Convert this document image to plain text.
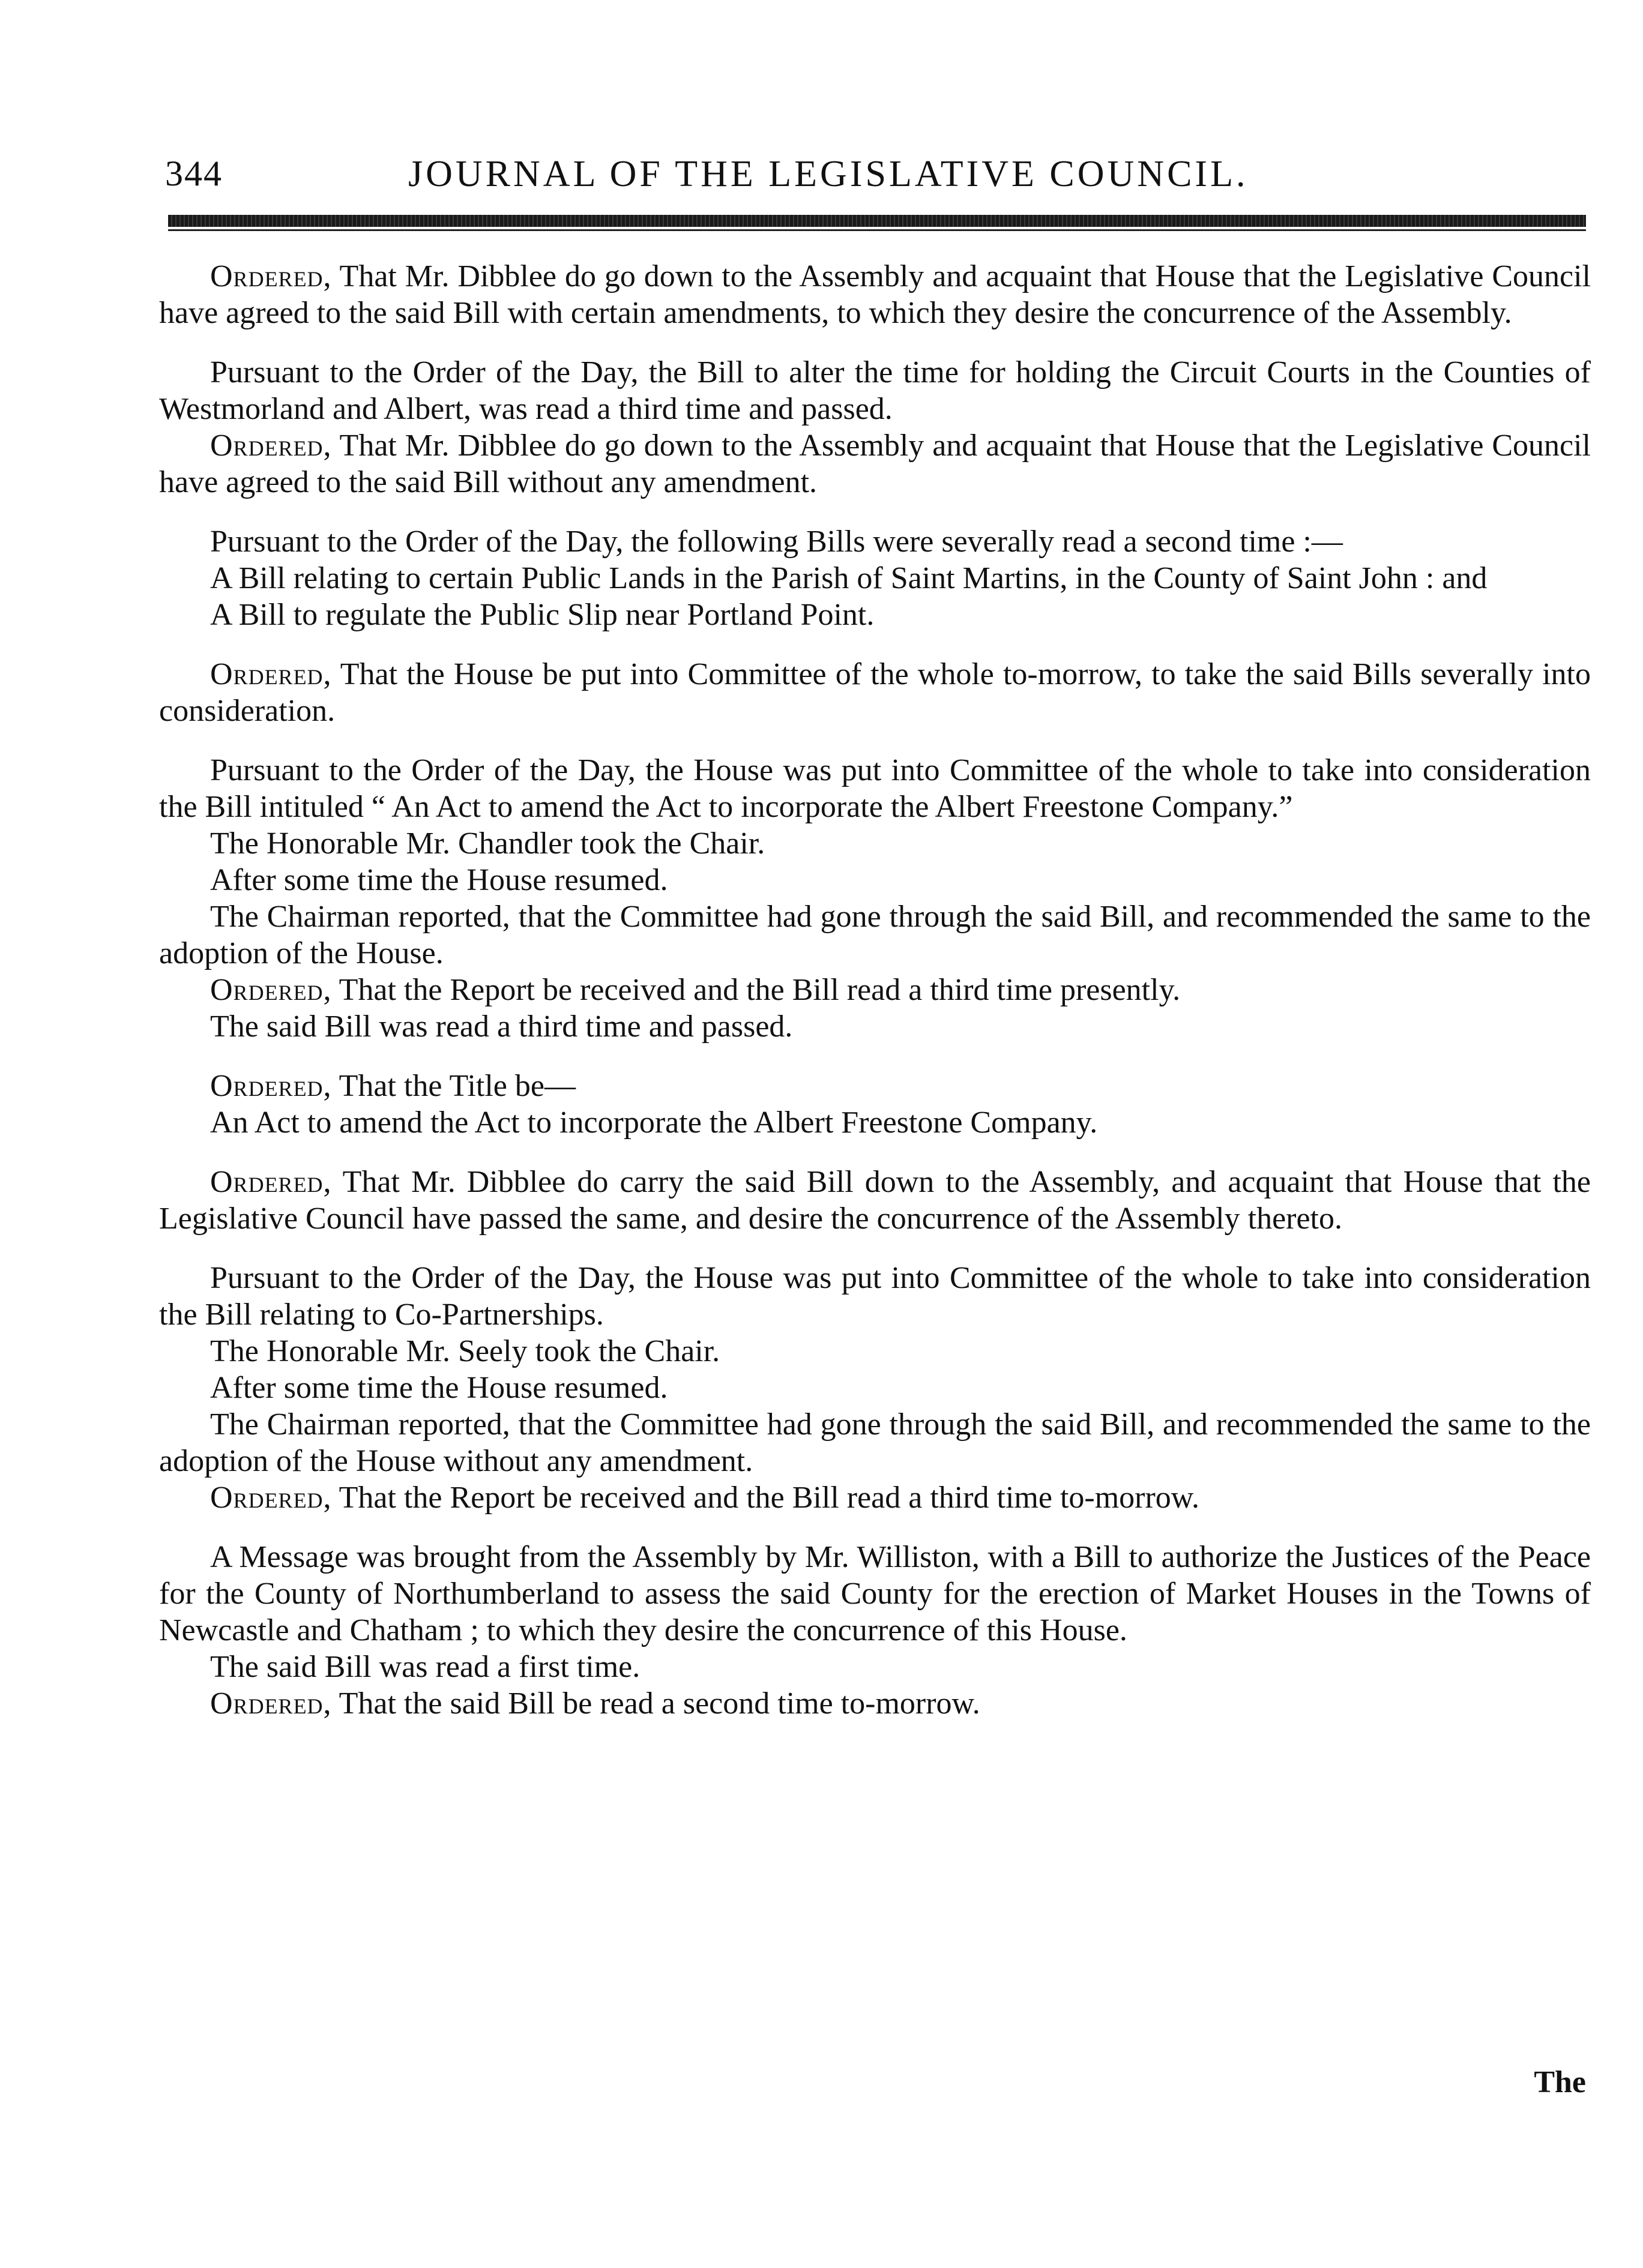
344	JOURNAL OF THE LEGISLATIVE COUNCIL.

Ordered, That Mr. Dibblee do go down to the Assembly and acquaint that House that the Legislative Council have agreed to the said Bill with certain amendments, to which they desire the concurrence of the Assembly.

Pursuant to the Order of the Day, the Bill to alter the time for holding the Circuit Courts in the Counties of Westmorland and Albert, was read a third time and passed.

Ordered, That Mr. Dibblee do go down to the Assembly and acquaint that House that the Legislative Council have agreed to the said Bill without any amendment.

Pursuant to the Order of the Day, the following Bills were severally read a second time :—

A Bill relating to certain Public Lands in the Parish of Saint Martins, in the County of Saint John : and

A Bill to regulate the Public Slip near Portland Point.

Ordered, That the House be put into Committee of the whole to-morrow, to take the said Bills severally into consideration.

Pursuant to the Order of the Day, the House was put into Committee of the whole to take into consideration the Bill intituled “ An Act to amend the Act to incorporate the Albert Freestone Company.”

The Honorable Mr. Chandler took the Chair.

After some time the House resumed.

The Chairman reported, that the Committee had gone through the said Bill, and recommended the same to the adoption of the House.

Ordered, That the Report be received and the Bill read a third time presently.

The said Bill was read a third time and passed.

Ordered, That the Title be—

An Act to amend the Act to incorporate the Albert Freestone Company.

Ordered, That Mr. Dibblee do carry the said Bill down to the Assembly, and acquaint that House that the Legislative Council have passed the same, and desire the concurrence of the Assembly thereto.

Pursuant to the Order of the Day, the House was put into Committee of the whole to take into consideration the Bill relating to Co-Partnerships.

The Honorable Mr. Seely took the Chair.

After some time the House resumed.

The Chairman reported, that the Committee had gone through the said Bill, and recommended the same to the adoption of the House without any amendment.

Ordered, That the Report be received and the Bill read a third time to-morrow.

A Message was brought from the Assembly by Mr. Williston, with a Bill to authorize the Justices of the Peace for the County of Northumberland to assess the said County for the erection of Market Houses in the Towns of Newcastle and Chatham ; to which they desire the concurrence of this House.

The said Bill was read a first time.

Ordered, That the said Bill be read a second time to-morrow.

The
